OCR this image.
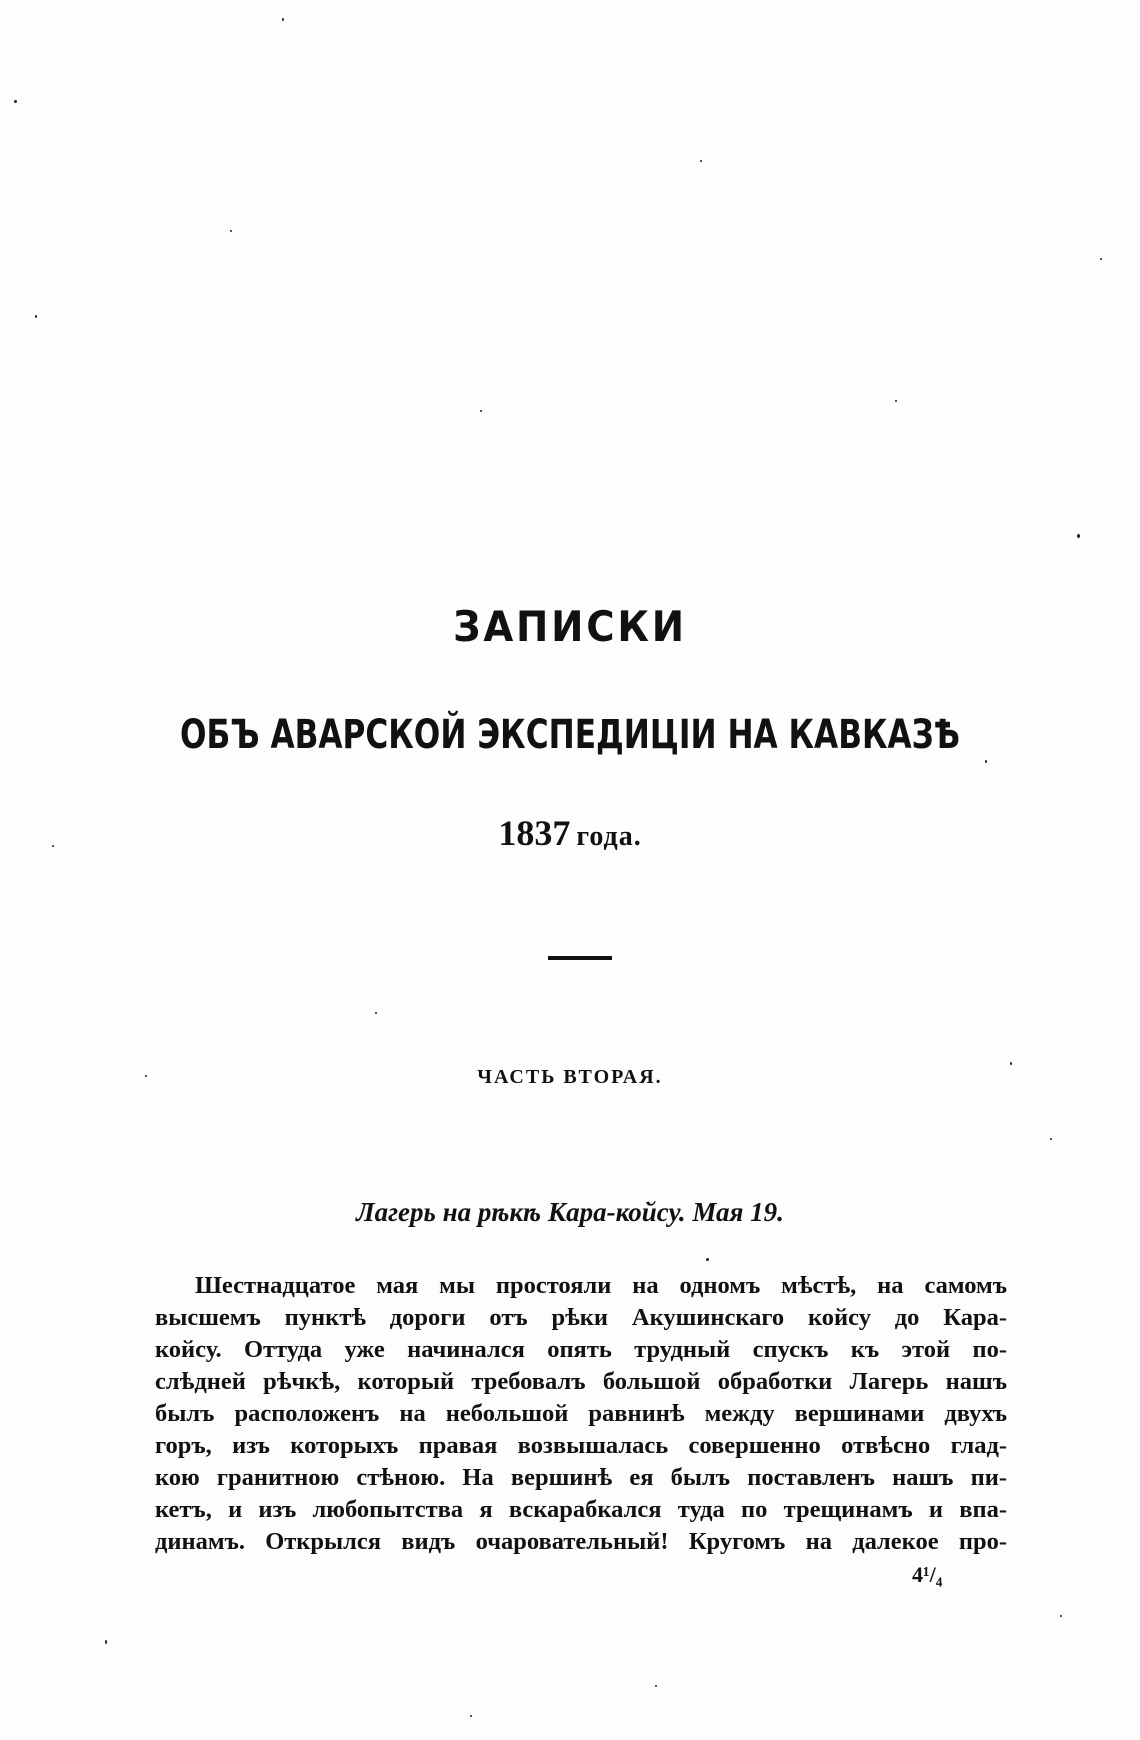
ЗАПИСКИ
ОБЪ АВАРСКОЙ ЭКСПЕДИЦІИ НА КАВКАЗѢ
1837 года.
ЧАСТЬ ВТОРАЯ.
Лагерь на рѣкѣ Кара-койсу. Мая 19.
Шестнадцатое мая мы простояли на одномъ мѣстѣ, на самомъ
высшемъ пунктѣ дороги отъ рѣки Акушинскаго койсу до Кара-
койсу. Оттуда уже начинался опять трудный спускъ къ этой по-
слѣдней рѣчкѣ, который требовалъ большой обработки Лагерь нашъ
былъ расположенъ на небольшой равнинѣ между вершинами двухъ
горъ, изъ которыхъ правая возвышалась совершенно отвѣсно глад-
кою гранитною стѣною. На вершинѣ ея былъ поставленъ нашъ пи-
кетъ, и изъ любопытства я вскарабкался туда по трещинамъ и впа-
динамъ. Открылся видъ очаровательный! Кругомъ на далекое про-
4¹/₄
